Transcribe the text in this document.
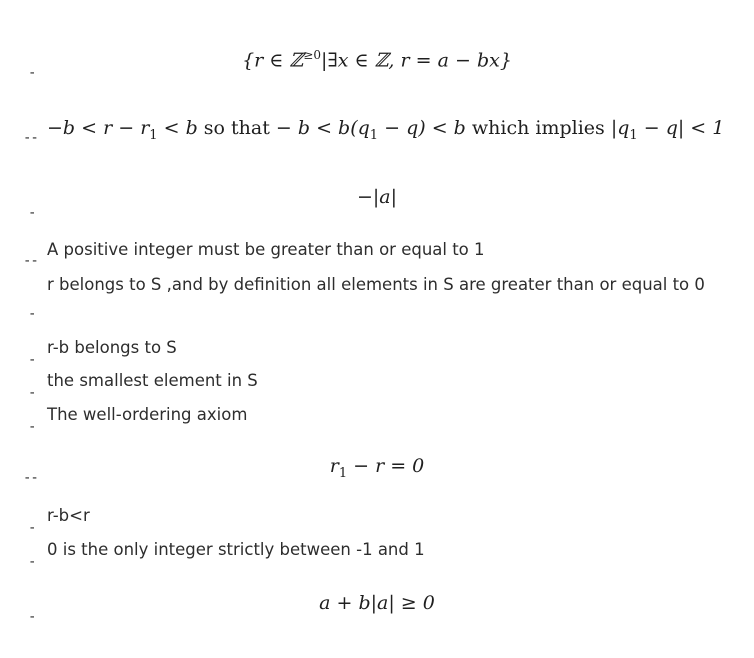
-
{r ∈ ℤ$^{\ge 0}$|∃x ∈ ℤ, r = a − bx}
-- $-b < r - r_1 < b$ so that − $b < b(q_1 - q) < b$ which implies $|q_1 - q| < 1$
-
−|a|
--
A positive integer must be greater than or equal to 1
-
r belongs to S ,and by definition all elements in S are greater than or equal to 0
-
r-b belongs to S
-
the smallest element in S
-
The well-ordering axiom
--
$r_1 - r = 0$
-
r-b<r
-
0 is the only integer strictly between -1 and 1
-
a + b|a| ≥ 0
